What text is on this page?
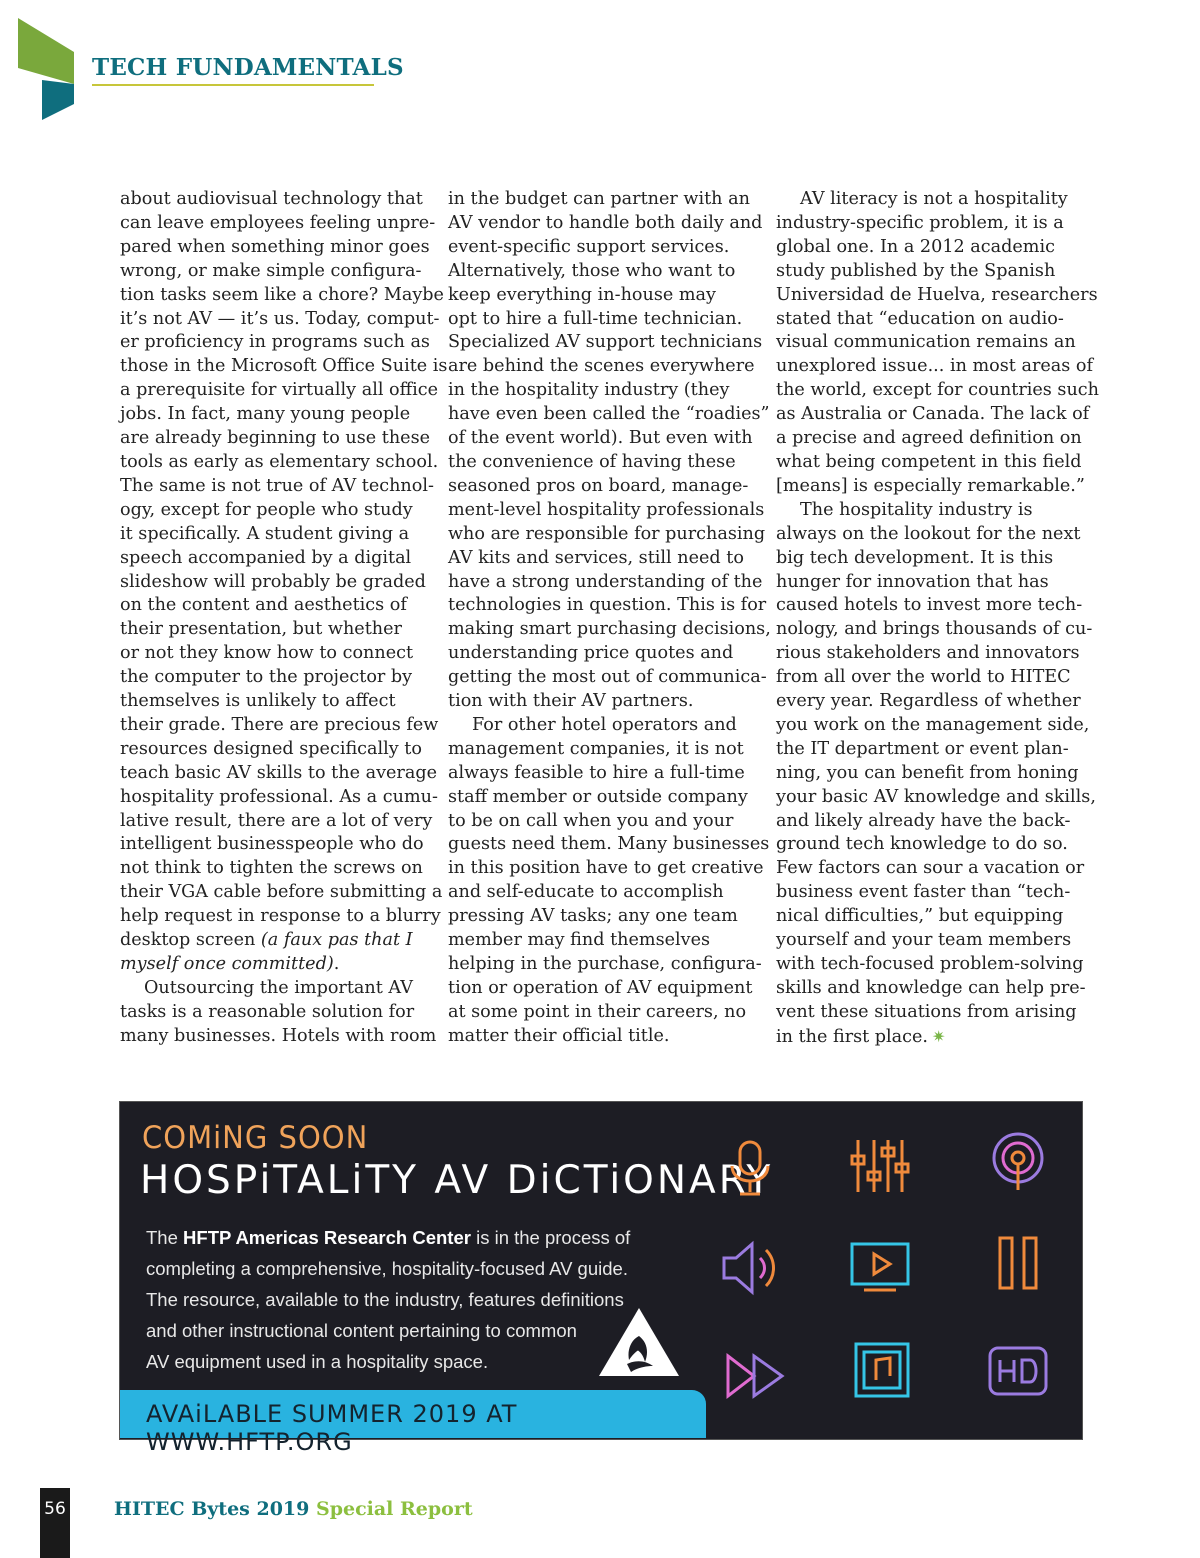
TECH FUNDAMENTALS

about audiovisual technology that

can leave employees feeling unpre-

pared when something minor goes

wrong, or make simple configura-

tion tasks seem like a chore? Maybe

it’s not AV — it’s us. Today, comput-

er proficiency in programs such as

those in the Microsoft Office Suite is

a prerequisite for virtually all office

jobs. In fact, many young people

are already beginning to use these

tools as early as elementary school.

The same is not true of AV technol-

ogy, except for people who study

it specifically. A student giving a

speech accompanied by a digital

slideshow will probably be graded

on the content and aesthetics of

their presentation, but whether

or not they know how to connect

the computer to the projector by

themselves is unlikely to affect

their grade. There are precious few

resources designed specifically to

teach basic AV skills to the average

hospitality professional. As a cumu-

lative result, there are a lot of very

intelligent businesspeople who do

not think to tighten the screws on

their VGA cable before submitting a

help request in response to a blurry

desktop screen (a faux pas that I

myself once committed).

Outsourcing the important AV

tasks is a reasonable solution for

many businesses. Hotels with room

in the budget can partner with an

AV vendor to handle both daily and

event-specific support services.

Alternatively, those who want to

keep everything in-house may

opt to hire a full-time technician.

Specialized AV support technicians

are behind the scenes everywhere

in the hospitality industry (they

have even been called the “roadies”

of the event world). But even with

the convenience of having these

seasoned pros on board, manage-

ment-level hospitality professionals

who are responsible for purchasing

AV kits and services, still need to

have a strong understanding of the

technologies in question. This is for

making smart purchasing decisions,

understanding price quotes and

getting the most out of communica-

tion with their AV partners.

For other hotel operators and

management companies, it is not

always feasible to hire a full-time

staff member or outside company

to be on call when you and your

guests need them. Many businesses

in this position have to get creative

and self-educate to accomplish

pressing AV tasks; any one team

member may find themselves

helping in the purchase, configura-

tion or operation of AV equipment

at some point in their careers, no

matter their official title.

AV literacy is not a hospitality

industry-specific problem, it is a

global one. In a 2012 academic

study published by the Spanish

Universidad de Huelva, researchers

stated that “education on audio-

visual communication remains an

unexplored issue... in most areas of

the world, except for countries such

as Australia or Canada. The lack of

a precise and agreed definition on

what being competent in this field

[means] is especially remarkable.”

The hospitality industry is

always on the lookout for the next

big tech development. It is this

hunger for innovation that has

caused hotels to invest more tech-

nology, and brings thousands of cu-

rious stakeholders and innovators

from all over the world to HITEC

every year. Regardless of whether

you work on the management side,

the IT department or event plan-

ning, you can benefit from honing

your basic AV knowledge and skills,

and likely already have the back-

ground tech knowledge to do so.

Few factors can sour a vacation or

business event faster than “tech-

nical difficulties,” but equipping

yourself and your team members

with tech-focused problem-solving

skills and knowledge can help pre-

vent these situations from arising

in the first place. ✷

COMiNG SOON
HOSPiTALiTY AV DiCTiONARY

The HFTP Americas Research Center is in the process of

completing a comprehensive, hospitality-focused AV guide.

The resource, available to the industry, features definitions

and other instructional content pertaining to common

AV equipment used in a hospitality space.

AVAiLABLE SUMMER 2019 AT WWW.HFTP.ORG
56	HITEC Bytes 2019 Special Report
